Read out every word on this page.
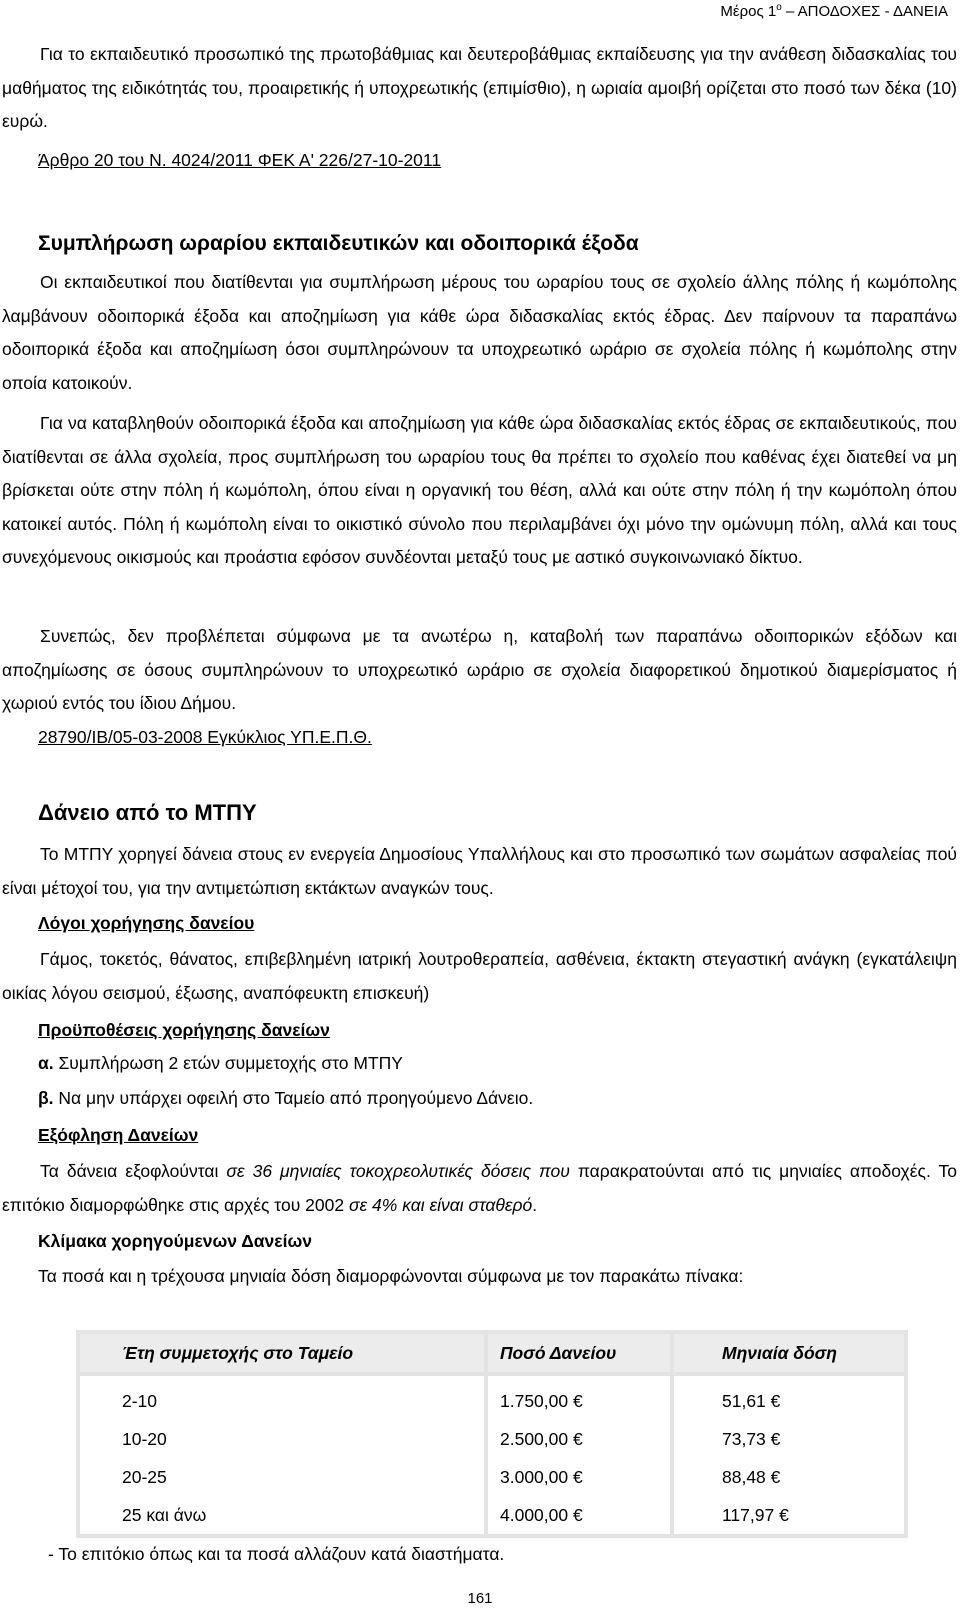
Μέρος $1^o$ – ΑΠΟΔΟΧΕΣ - ΔΑΝΕΙΑ

Για το εκπαιδευτικό προσωπικό της πρωτοβάθμιας και δευτεροβάθμιας εκπαίδευσης για την ανάθεση διδασκαλίας του μαθήματος της ειδικότητάς του, προαιρετικής ή υποχρεωτικής (επιμίσθιο), η ωριαία αμοιβή ορίζεται στο ποσό των δέκα (10) ευρώ.

Άρθρο 20 του Ν. 4024/2011 ΦΕΚ Α' 226/27-10-2011

Συμπλήρωση ωραρίου εκπαιδευτικών και οδοιπορικά έξοδα

Οι εκπαιδευτικοί που διατίθενται για συμπλήρωση μέρους του ωραρίου τους σε σχολείο άλλης πόλης ή κωμόπολης λαμβάνουν οδοιπορικά έξοδα και αποζημίωση για κάθε ώρα διδασκαλίας εκτός έδρας. Δεν παίρνουν τα παραπάνω οδοιπορικά έξοδα και αποζημίωση όσοι συμπληρώνουν τα υποχρεωτικό ωράριο σε σχολεία πόλης ή κωμόπολης στην οποία κατοικούν.

Για να καταβληθούν οδοιπορικά έξοδα και αποζημίωση για κάθε ώρα διδασκαλίας εκτός έδρας σε εκπαιδευτικούς, που διατίθενται σε άλλα σχολεία, προς συμπλήρωση του ωραρίου τους θα πρέπει το σχολείο που καθένας έχει διατεθεί να μη βρίσκεται ούτε στην πόλη ή κωμόπολη, όπου είναι η οργανική του θέση, αλλά και ούτε στην πόλη ή την κωμόπολη όπου κατοικεί αυτός. Πόλη ή κωμόπολη είναι το οικιστικό σύνολο που περιλαμβάνει όχι μόνο την ομώνυμη πόλη, αλλά και τους συνεχόμενους οικισμούς και προάστια εφόσον συνδέονται μεταξύ τους με αστικό συγκοινωνιακό δίκτυο.

Συνεπώς, δεν προβλέπεται σύμφωνα με τα ανωτέρω η, καταβολή των παραπάνω οδοιπορικών εξόδων και αποζημίωσης σε όσους συμπληρώνουν το υποχρεωτικό ωράριο σε σχολεία διαφορετικού δημοτικού διαμερίσματος ή χωριού εντός του ίδιου Δήμου.

28790/ΙΒ/05-03-2008 Εγκύκλιος ΥΠ.Ε.Π.Θ.

Δάνειο από το ΜΤΠΥ

Το ΜΤΠΥ χορηγεί δάνεια στους εν ενεργεία Δημοσίους Υπαλλήλους και στο προσωπικό των σωμάτων ασφαλείας πού είναι μέτοχοί του, για την αντιμετώπιση εκτάκτων αναγκών τους.

Λόγοι χορήγησης δανείου

Γάμος, τοκετός, θάνατος, επιβεβλημένη ιατρική λουτροθεραπεία, ασθένεια, έκτακτη στεγαστική ανάγκη (εγκατάλειψη οικίας λόγου σεισμού, έξωσης, αναπόφευκτη επισκευή)

Προϋποθέσεις χορήγησης δανείων

α. Συμπλήρωση 2 ετών συμμετοχής στο ΜΤΠΥ

β. Να μην υπάρχει οφειλή στο Ταμείο από προηγούμενο Δάνειο.

Εξόφληση Δανείων

Τα δάνεια εξοφλούνται σε 36 μηνιαίες τοκοχρεολυτικές δόσεις που παρακρατούνται από τις μηνιαίες αποδοχές. Το επιτόκιο διαμορφώθηκε στις αρχές του 2002 σε 4% και είναι σταθερό.

Κλίμακα χορηγούμενων Δανείων

Τα ποσά και η τρέχουσα μηνιαία δόση διαμορφώνονται σύμφωνα με τον παρακάτω πίνακα:

Έτη συμμετοχής στο Ταμείο	Ποσό Δανείου	Μηνιαία δόση
2-10	1.750,00 €	51,61 €
10-20	2.500,00 €	73,73 €
20-25	3.000,00 €	88,48 €
25 και άνω	4.000,00 €	117,97 €

- Το επιτόκιο όπως και τα ποσά αλλάζουν κατά διαστήματα.

161
